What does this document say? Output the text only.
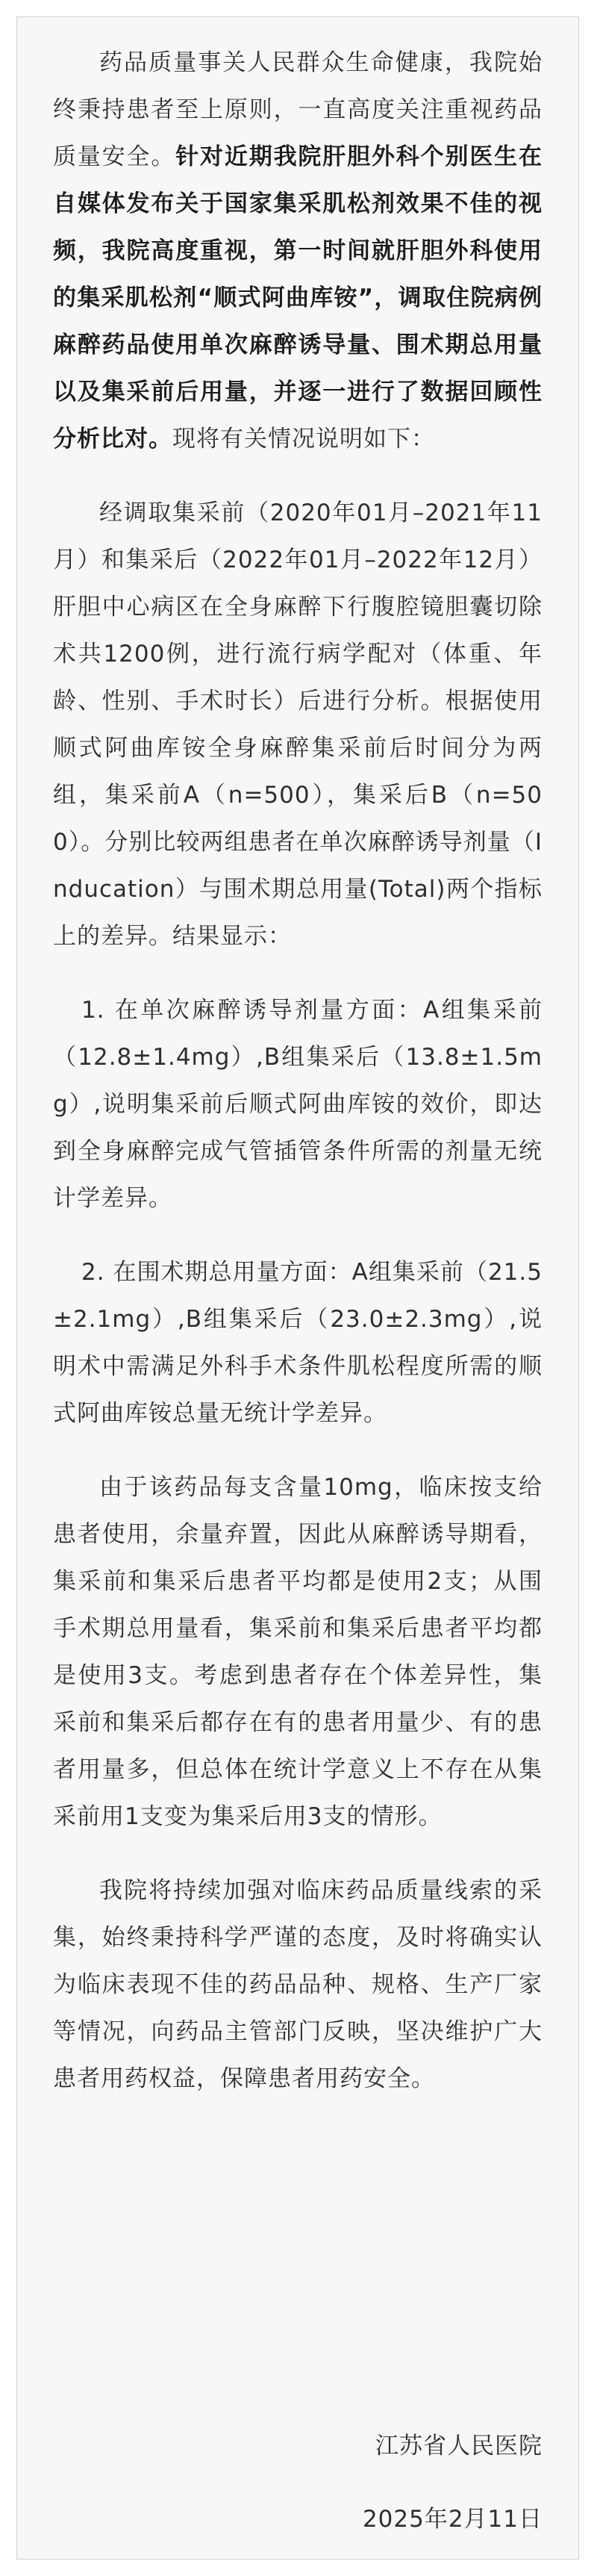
药品质量事关人民群众生命健康，我院始终秉持患者至上原则，一直高度关注重视药品质量安全。针对近期我院肝胆外科个别医生在自媒体发布关于国家集采肌松剂效果不佳的视频，我院高度重视，第一时间就肝胆外科使用的集采肌松剂“顺式阿曲库铵”，调取住院病例麻醉药品使用单次麻醉诱导量、围术期总用量以及集采前后用量，并逐一进行了数据回顾性分析比对。现将有关情况说明如下：

经调取集采前（2020年01月–2021年11月）和集采后（2022年01月–2022年12月）肝胆中心病区在全身麻醉下行腹腔镜胆囊切除术共1200例，进行流行病学配对（体重、年龄、性别、手术时长）后进行分析。根据使用顺式阿曲库铵全身麻醉集采前后时间分为两组，集采前A（n=500），集采后B（n=500）。分别比较两组患者在单次麻醉诱导剂量（Inducation）与围术期总用量(Total)两个指标上的差异。结果显示：

1. 在单次麻醉诱导剂量方面：A组集采前（12.8±1.4mg）,B组集采后（13.8±1.5mg）,说明集采前后顺式阿曲库铵的效价，即达到全身麻醉完成气管插管条件所需的剂量无统计学差异。

2. 在围术期总用量方面：A组集采前（21.5±2.1mg）,B组集采后（23.0±2.3mg）,说明术中需满足外科手术条件肌松程度所需的顺式阿曲库铵总量无统计学差异。

由于该药品每支含量10mg，临床按支给患者使用，余量弃置，因此从麻醉诱导期看，集采前和集采后患者平均都是使用2支；从围手术期总用量看，集采前和集采后患者平均都是使用3支。考虑到患者存在个体差异性，集采前和集采后都存在有的患者用量少、有的患者用量多，但总体在统计学意义上不存在从集采前用1支变为集采后用3支的情形。

我院将持续加强对临床药品质量线索的采集，始终秉持科学严谨的态度，及时将确实认为临床表现不佳的药品品种、规格、生产厂家等情况，向药品主管部门反映，坚决维护广大患者用药权益，保障患者用药安全。

江苏省人民医院
2025年2月11日
